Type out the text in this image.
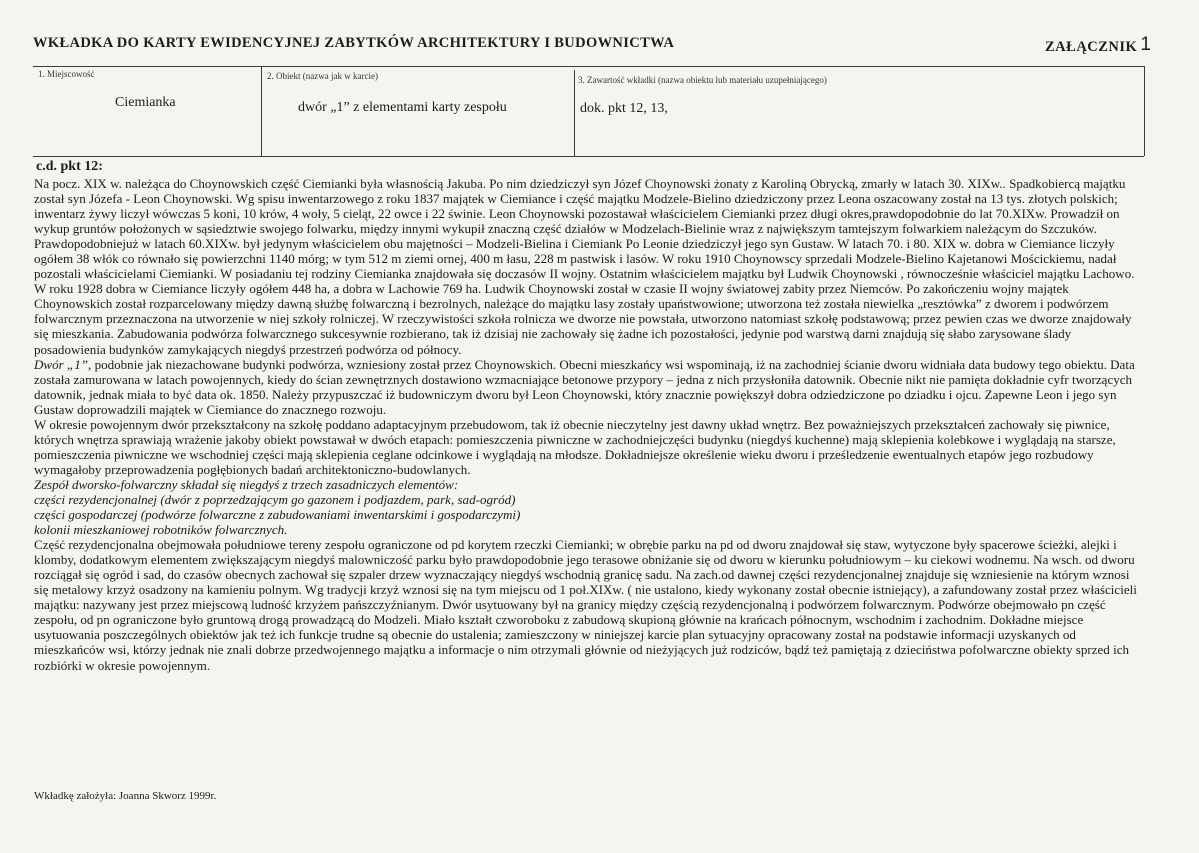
WKŁADKA DO KARTY EWIDENCYJNEJ ZABYTKÓW ARCHITEKTURY I BUDOWNICTWA	ZAŁĄCZNIK 1
1. Miejscowość
Ciemianka
2. Obiekt (nazwa jak w karcie)
dwór „1” z elementami karty zespołu
3. Zawartość wkładki (nazwa obiektu lub materiału uzupełniającego)
dok. pkt 12, 13,
c.d. pkt 12:

Na pocz. XIX w. należąca do Choynowskich część Ciemianki była własnością Jakuba. Po nim dziedziczył syn Józef Choynowski żonaty z Karoliną Obrycką, zmarły w latach 30. XIXw.. Spadkobiercą majątku został syn Józefa - Leon Choynowski. Wg spisu inwentarzowego z roku 1837 majątek w Ciemiance i część majątku Modzele-Bielino dziedziczony przez Leona oszacowany został na 13 tys. złotych polskich; inwentarz żywy liczył wówczas 5 koni, 10 krów, 4 woły, 5 cieląt, 22 owce i 22 świnie. Leon Choynowski pozostawał właścicielem Ciemianki przez długi okres,prawdopodobnie do lat 70.XIXw. Prowadził on wykup gruntów położonych w sąsiedztwie swojego folwarku, między innymi wykupił znaczną część działów w Modzelach-Bielinie wraz z największym tamtejszym folwarkiem należącym do Szczuków. Prawdopodobniejuż w latach 60.XIXw. był jedynym właścicielem obu majętności – Modzeli-Bielina i Ciemiank Po Leonie dziedziczył jego syn Gustaw. W latach 70. i 80. XIX w. dobra w Ciemiance liczyły ogółem 38 włók co równało się powierzchni 1140 mórg; w tym 512 m ziemi ornej, 400 m łasu, 228 m pastwisk i lasów. W roku 1910 Choynowscy sprzedali Modzele-Bielino Kajetanowi Mościckiemu, nadał pozostali właścicielami Ciemianki. W posiadaniu tej rodziny Ciemianka znajdowała się doczasów II wojny. Ostatnim właścicielem majątku był Ludwik Choynowski , równocześnie właściciel majątku Lachowo. W roku 1928 dobra w Ciemiance liczyły ogółem 448 ha, a dobra w Lachowie 769 ha. Ludwik Choynowski został w czasie II wojny światowej zabity przez Niemców. Po zakończeniu wojny majątek Choynowskich został rozparcelowany między dawną służbę folwarczną i bezrolnych, należące do majątku lasy zostały upaństwowione; utworzona też została niewielka „resztówka” z dworem i podwórzem folwarcznym przeznaczona na utworzenie w niej szkoły rolniczej. W rzeczywistości szkoła rolnicza we dworze nie powstała, utworzono natomiast szkołę podstawową; przez pewien czas we dworze znajdowały się mieszkania. Zabudowania podwórza folwarcznego sukcesywnie rozbierano, tak iż dzisiaj nie zachowały się żadne ich pozostałości, jedynie pod warstwą darni znajdują się słabo zarysowane ślady posadowienia budynków zamykających niegdyś przestrzeń podwórza od północy.

Dwór „1”, podobnie jak niezachowane budynki podwórza, wzniesiony został przez Choynowskich. Obecni mieszkańcy wsi wspominają, iż na zachodniej ścianie dworu widniała data budowy tego obiektu. Data została zamurowana w latach powojennych, kiedy do ścian zewnętrznych dostawiono wzmacniające betonowe przypory – jedna z nich przysłoniła datownik. Obecnie nikt nie pamięta dokładnie cyfr tworzących datownik, jednak miała to być data ok. 1850. Należy przypuszczać iż budowniczym dworu był Leon Choynowski, który znacznie powiększył dobra odziedziczone po dziadku i ojcu. Zapewne Leon i jego syn Gustaw doprowadzili majątek w Ciemiance do znacznego rozwoju.

W okresie powojennym dwór przekształcony na szkołę poddano adaptacyjnym przebudowom, tak iż obecnie nieczytelny jest dawny układ wnętrz. Bez poważniejszych przekształceń zachowały się piwnice, których wnętrza sprawiają wrażenie jakoby obiekt powstawał w dwóch etapach: pomieszczenia piwniczne w zachodniejczęści budynku (niegdyś kuchenne) mają sklepienia kolebkowe i wyglądają na starsze, pomieszczenia piwniczne we wschodniej części mają sklepienia ceglane odcinkowe i wyglądają na młodsze. Dokładniejsze określenie wieku dworu i prześledzenie ewentualnych etapów jego rozbudowy wymagałoby przeprowadzenia pogłębionych badań architektoniczno-budowlanych.

Zespół dworsko-folwarczny składał się niegdyś z trzech zasadniczych elementów:

części rezydencjonalnej (dwór z poprzedzającym go gazonem i podjazdem, park, sad-ogród)

części gospodarczej (podwórze folwarczne z zabudowaniami inwentarskimi i gospodarczymi)

kolonii mieszkaniowej robotników folwarcznych.

Część rezydencjonalna obejmowała południowe tereny zespołu ograniczone od pd korytem rzeczki Ciemianki; w obrębie parku na pd od dworu znajdował się staw, wytyczone były spacerowe ścieżki, alejki i klomby, dodatkowym elementem zwiększającym niegdyś malowniczość parku było prawdopodobnie jego terasowe obniżanie się od dworu w kierunku południowym – ku ciekowi wodnemu. Na wsch. od dworu rozciągał się ogród i sad, do czasów obecnych zachował się szpaler drzew wyznaczający niegdyś wschodnią granicę sadu. Na zach.od dawnej części rezydencjonalnej znajduje się wzniesienie na którym wznosi się metalowy krzyż osadzony na kamieniu polnym. Wg tradycji krzyż wznosi się na tym miejscu od 1 poł.XIXw. ( nie ustalono, kiedy wykonany został obecnie istniejący), a zafundowany został przez właścicieli majątku: nazywany jest przez miejscową ludność krzyżem pańszczyźnianym. Dwór usytuowany był na granicy między częścią rezydencjonalną i podwórzem folwarcznym. Podwórze obejmowało pn część zespołu, od pn ograniczone było gruntową drogą prowadzącą do Modzeli. Miało kształt czworoboku z zabudową skupioną głównie na krańcach północnym, wschodnim i zachodnim. Dokładne miejsce usytuowania poszczególnych obiektów jak też ich funkcje trudne są obecnie do ustalenia; zamieszczony w niniejszej karcie plan sytuacyjny opracowany został na podstawie informacji uzyskanych od mieszkańców wsi, którzy jednak nie znali dobrze przedwojennego majątku a informacje o nim otrzymali głównie od nieżyjących już rodziców, bądź też pamiętają z dzieciństwa pofolwarczne obiekty sprzed ich rozbiórki w okresie powojennym.

Wkładkę założyła: Joanna Skworz 1999r.
